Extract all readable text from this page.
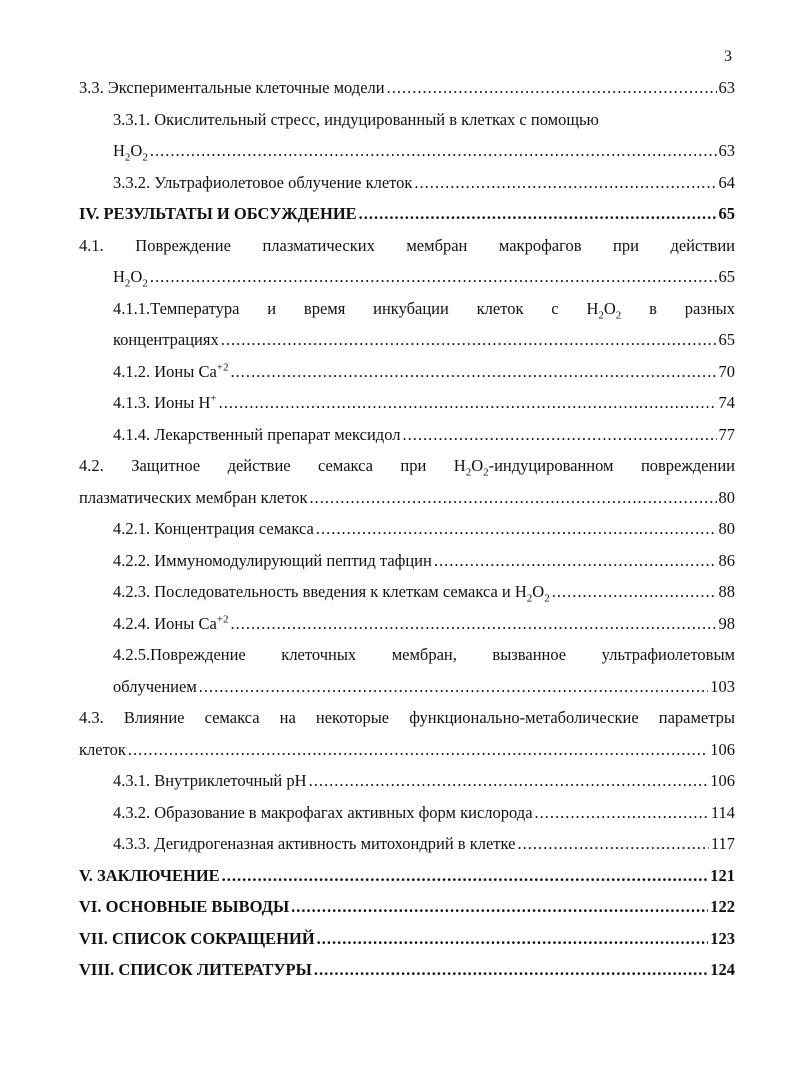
3
3.3. Экспериментальные клеточные модели .....	63
3.3.1. Окислительный стресс, индуцированный в клетках с помощью
$H_2O_2$ .....	63
3.3.2. Ультрафиолетовое облучение клеток .....	64
IV. РЕЗУЛЬТАТЫ И ОБСУЖДЕНИЕ .....	65
4.1. Повреждение плазматических мембран макрофагов при действии
$H_2O_2$ .....	65
4.1.1.Температура и время инкубации клеток с $H_2O_2$ в разных
концентрациях .....	65
4.1.2. Ионы $Ca^{+2}$ .....	70
4.1.3. Ионы H+ .....	74
4.1.4. Лекарственный препарат мексидол .....	77
4.2. Защитное действие семакса при $H_2O_2$-индуцированном повреждении
плазматических мембран клеток .....	80
4.2.1. Концентрация семакса .....	80
4.2.2. Иммуномодулирующий пептид тафцин .....	86
4.2.3. Последовательность введения к клеткам семакса и $H_2O_2$ .....	88
4.2.4. Ионы $Ca^{+2}$ .....	98
4.2.5.Повреждение клеточных мембран, вызванное ультрафиолетовым
облучением .....	103
4.3. Влияние семакса на некоторые функционально-метаболические параметры
клеток .....	106
4.3.1. Внутриклеточный pH .....	106
4.3.2. Образование в макрофагах активных форм кислорода .....	114
4.3.3. Дегидрогеназная активность митохондрий в клетке .....	117
V. ЗАКЛЮЧЕНИЕ .....	121
VI. ОСНОВНЫЕ ВЫВОДЫ .....	122
VII. СПИСОК СОКРАЩЕНИЙ .....	123
VIII. СПИСОК ЛИТЕРАТУРЫ .....	124
